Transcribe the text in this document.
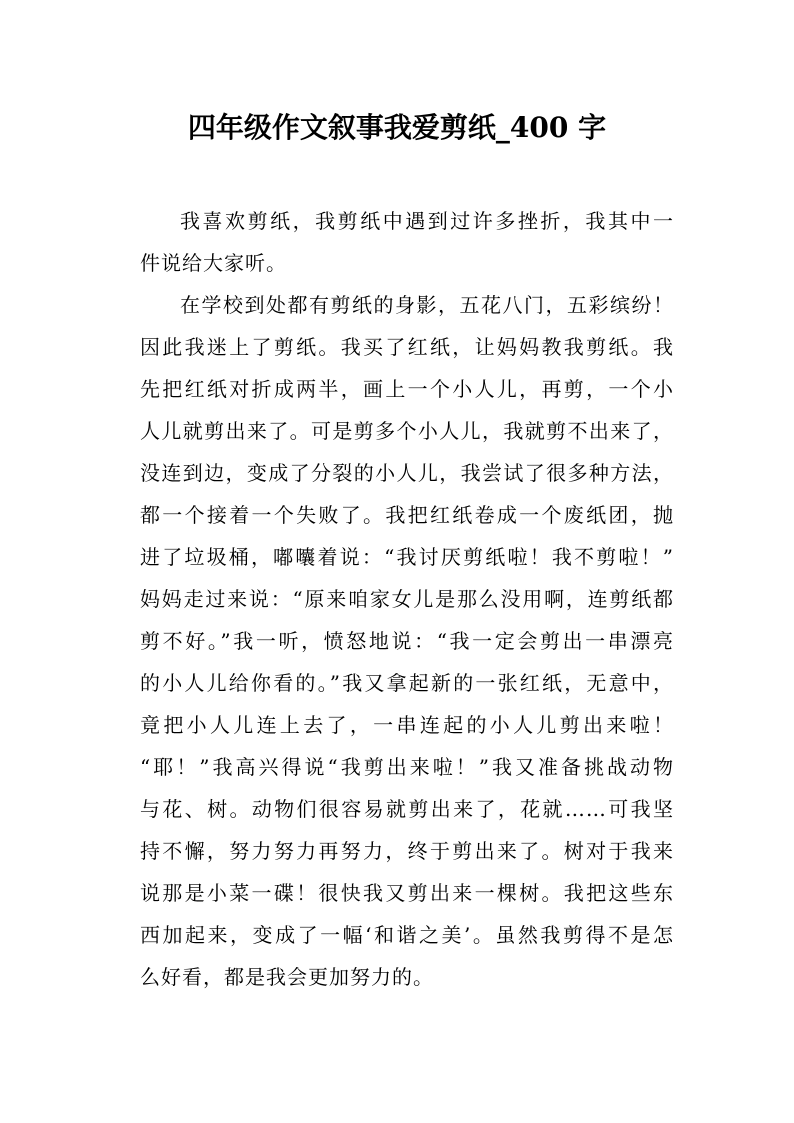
四年级作文叙事我爱剪纸_400 字

我喜欢剪纸，我剪纸中遇到过许多挫折，我其中一
件说给大家听。

在学校到处都有剪纸的身影，五花八门，五彩缤纷！
因此我迷上了剪纸。我买了红纸，让妈妈教我剪纸。我
先把红纸对折成两半，画上一个小人儿，再剪，一个小
人儿就剪出来了。可是剪多个小人儿，我就剪不出来了，
没连到边，变成了分裂的小人儿，我尝试了很多种方法，
都一个接着一个失败了。我把红纸卷成一个废纸团，抛
进了垃圾桶，嘟囔着说：“我讨厌剪纸啦！我不剪啦！”
妈妈走过来说：“原来咱家女儿是那么没用啊，连剪纸都
剪不好。”我一听，愤怒地说：“我一定会剪出一串漂亮
的小人儿给你看的。”我又拿起新的一张红纸，无意中，
竟把小人儿连上去了，一串连起的小人儿剪出来啦！
“耶！”我高兴得说“我剪出来啦！”我又准备挑战动物
与花、树。动物们很容易就剪出来了，花就……可我坚
持不懈，努力努力再努力，终于剪出来了。树对于我来
说那是小菜一碟！很快我又剪出来一棵树。我把这些东
西加起来，变成了一幅‘和谐之美’。虽然我剪得不是怎
么好看，都是我会更加努力的。
